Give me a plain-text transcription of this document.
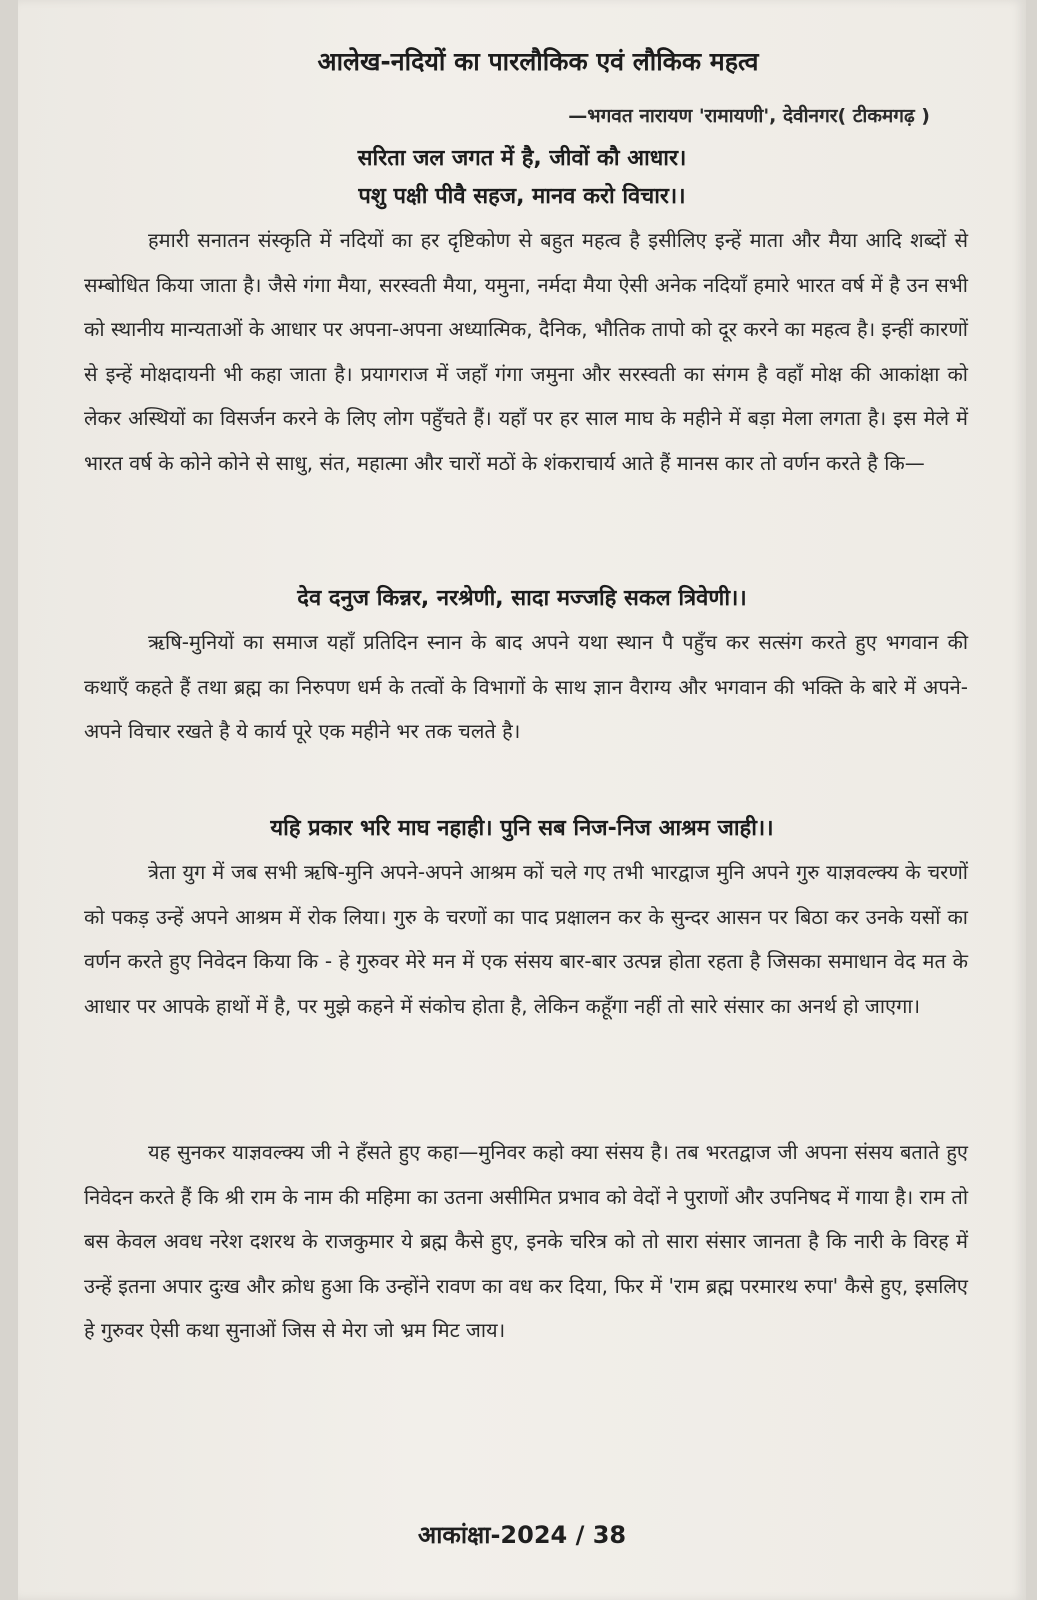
आलेख-नदियों का पारलौकिक एवं लौकिक महत्व
—भगवत नारायण 'रामायणी', देवीनगर( टीकमगढ़ )
सरिता जल जगत में है, जीवों कौ आधार।
पशु पक्षी पीवै सहज, मानव करो विचार।।

हमारी सनातन संस्कृति में नदियों का हर दृष्टिकोण से बहुत महत्व है इसीलिए इन्हें माता और मैया आदि शब्दों से सम्बोधित किया जाता है। जैसे गंगा मैया, सरस्वती मैया, यमुना, नर्मदा मैया ऐसी अनेक नदियाँ हमारे भारत वर्ष में है उन सभी को स्थानीय मान्यताओं के आधार पर अपना-अपना अध्यात्मिक, दैनिक, भौतिक तापो को दूर करने का महत्व है। इन्हीं कारणों से इन्हें मोक्षदायनी भी कहा जाता है। प्रयागराज में जहाँ गंगा जमुना और सरस्वती का संगम है वहाँ मोक्ष की आकांक्षा को लेकर अस्थियों का विसर्जन करने के लिए लोग पहुँचते हैं। यहाँ पर हर साल माघ के महीने में बड़ा मेला लगता है। इस मेले में भारत वर्ष के कोने कोने से साधु, संत, महात्मा और चारों मठों के शंकराचार्य आते हैं मानस कार तो वर्णन करते है कि—

देव दनुज किन्नर, नरश्रेणी, सादा मज्जहि सकल त्रिवेणी।।

ऋषि-मुनियों का समाज यहाँ प्रतिदिन स्नान के बाद अपने यथा स्थान पै पहुँच कर सत्संग करते हुए भगवान की कथाएँ कहते हैं तथा ब्रह्म का निरुपण धर्म के तत्वों के विभागों के साथ ज्ञान वैराग्य और भगवान की भक्ति के बारे में अपने-अपने विचार रखते है ये कार्य पूरे एक महीने भर तक चलते है।

यहि प्रकार भरि माघ नहाही। पुनि सब निज-निज आश्रम जाही।।

त्रेता युग में जब सभी ऋषि-मुनि अपने-अपने आश्रम कों चले गए तभी भारद्वाज मुनि अपने गुरु याज्ञवल्क्य के चरणों को पकड़ उन्हें अपने आश्रम में रोक लिया। गुरु के चरणों का पाद प्रक्षालन कर के सुन्दर आसन पर बिठा कर उनके यसों का वर्णन करते हुए निवेदन किया कि - हे गुरुवर मेरे मन में एक संसय बार-बार उत्पन्न होता रहता है जिसका समाधान वेद मत के आधार पर आपके हाथों में है, पर मुझे कहने में संकोच होता है, लेकिन कहूँगा नहीं तो सारे संसार का अनर्थ हो जाएगा।

यह सुनकर याज्ञवल्क्य जी ने हँसते हुए कहा—मुनिवर कहो क्या संसय है। तब भरतद्वाज जी अपना संसय बताते हुए निवेदन करते हैं कि श्री राम के नाम की महिमा का उतना असीमित प्रभाव को वेदों ने पुराणों और उपनिषद में गाया है। राम तो बस केवल अवध नरेश दशरथ के राजकुमार ये ब्रह्म कैसे हुए, इनके चरित्र को तो सारा संसार जानता है कि नारी के विरह में उन्हें इतना अपार दुःख और क्रोध हुआ कि उन्होंने रावण का वध कर दिया, फिर में 'राम ब्रह्म परमारथ रुपा' कैसे हुए, इसलिए हे गुरुवर ऐसी कथा सुनाओं जिस से मेरा जो भ्रम मिट जाय।

आकांक्षा-2024 / 38
